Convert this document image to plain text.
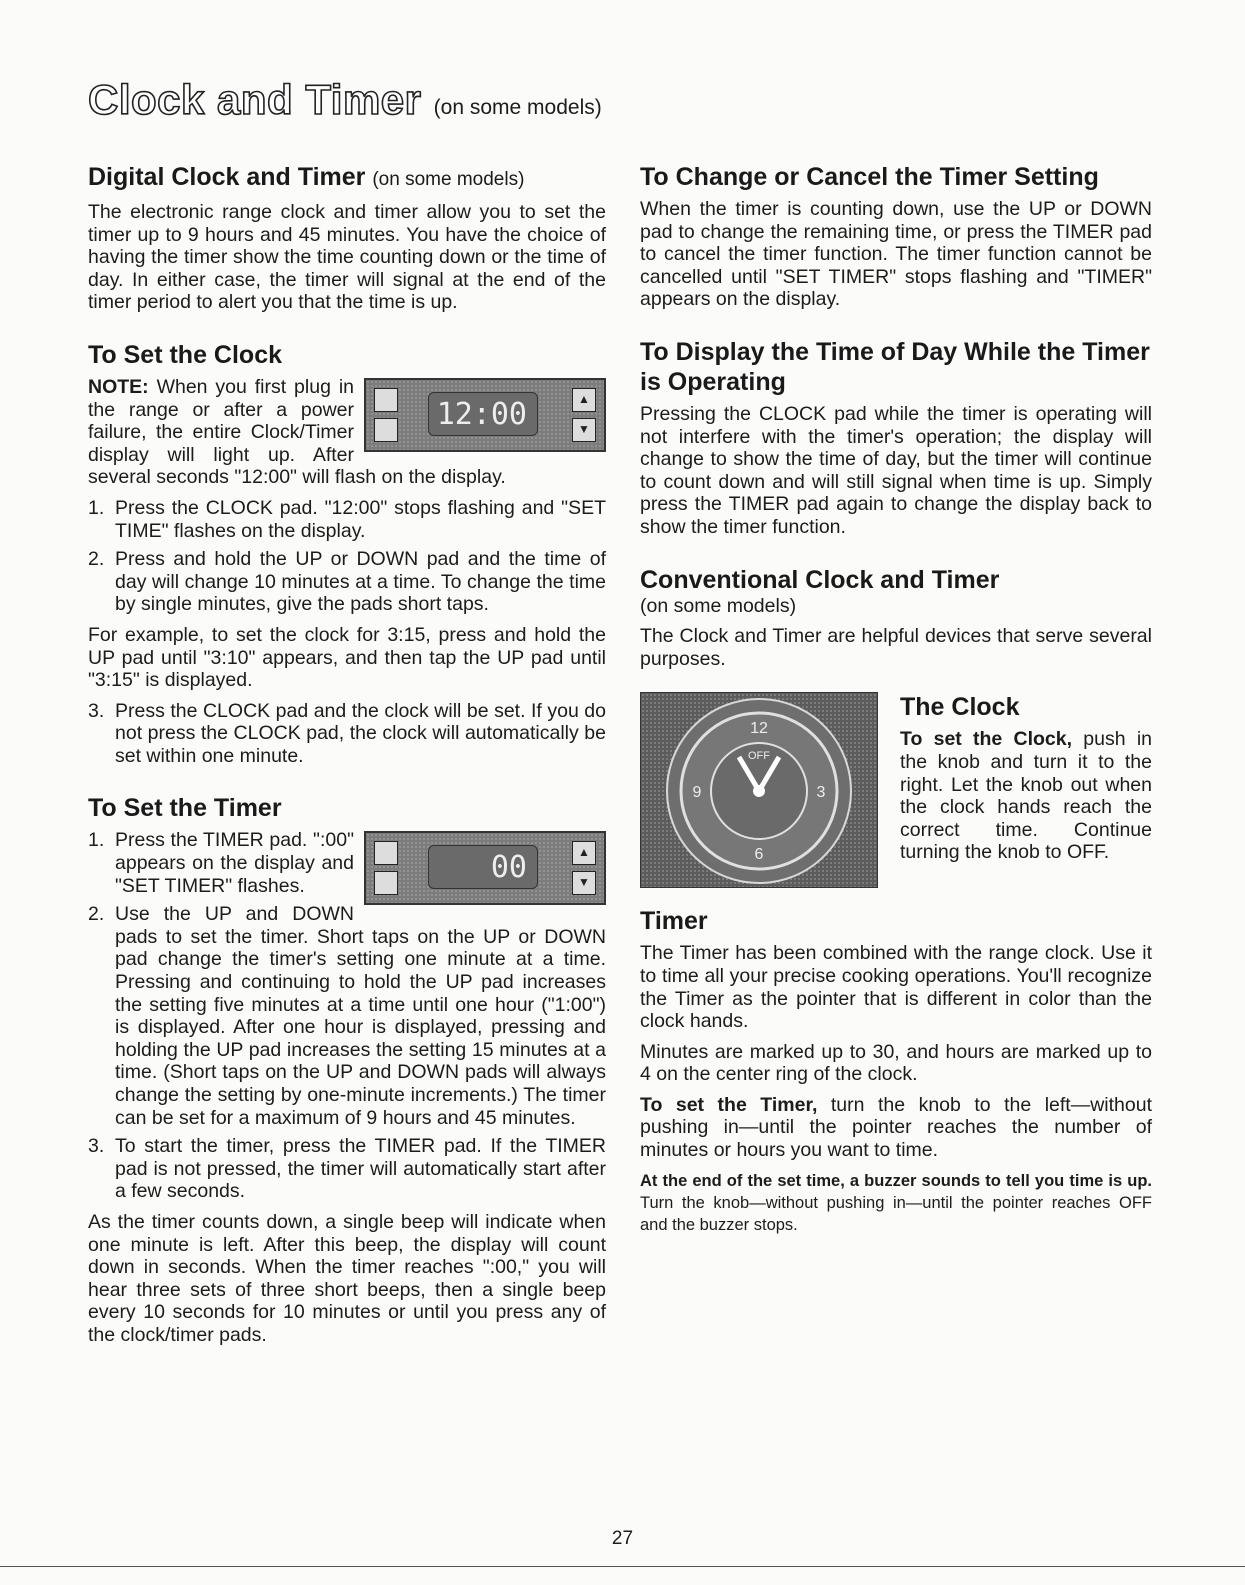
Clock and Timer (on some models)
Digital Clock and Timer (on some models)

The electronic range clock and timer allow you to set the timer up to 9 hours and 45 minutes. You have the choice of having the timer show the time counting down or the time of day. In either case, the timer will signal at the end of the timer period to alert you that the time is up.

To Set the Clock
12:00
▲
▼

NOTE: When you first plug in the range or after a power failure, the entire Clock/Timer display will light up. After several seconds "12:00" will flash on the display.

1. Press the CLOCK pad. "12:00" stops flashing and "SET TIME" flashes on the display.
2. Press and hold the UP or DOWN pad and the time of day will change 10 minutes at a time. To change the time by single minutes, give the pads short taps.

For example, to set the clock for 3:15, press and hold the UP pad until "3:10" appears, and then tap the UP pad until "3:15" is displayed.

3. Press the CLOCK pad and the clock will be set. If you do not press the CLOCK pad, the clock will automatically be set within one minute.
To Set the Timer
00
▲
▼
1. Press the TIMER pad. ":00" appears on the display and "SET TIMER" flashes.
2. Use the UP and DOWN pads to set the timer. Short taps on the UP or DOWN pad change the timer's setting one minute at a time. Pressing and continuing to hold the UP pad increases the setting five minutes at a time until one hour ("1:00") is displayed. After one hour is displayed, pressing and holding the UP pad increases the setting 15 minutes at a time. (Short taps on the UP and DOWN pads will always change the setting by one-minute increments.) The timer can be set for a maximum of 9 hours and 45 minutes.
3. To start the timer, press the TIMER pad. If the TIMER pad is not pressed, the timer will automatically start after a few seconds.

As the timer counts down, a single beep will indicate when one minute is left. After this beep, the display will count down in seconds. When the timer reaches ":00," you will hear three sets of three short beeps, then a single beep every 10 seconds for 10 minutes or until you press any of the clock/timer pads.

To Change or Cancel the Timer Setting

When the timer is counting down, use the UP or DOWN pad to change the remaining time, or press the TIMER pad to cancel the timer function. The timer function cannot be cancelled until "SET TIMER" stops flashing and "TIMER" appears on the display.

To Display the Time of Day While the Timer is Operating

Pressing the CLOCK pad while the timer is operating will not interfere with the timer's operation; the display will change to show the time of day, but the timer will continue to count down and will still signal when time is up. Simply press the TIMER pad again to change the display back to show the timer function.

Conventional Clock and Timer

(on some models)

The Clock and Timer are helpful devices that serve several purposes.

12
6
9	3
OFF
The Clock

To set the Clock, push in the knob and turn it to the right. Let the knob out when the clock hands reach the correct time. Continue turning the knob to OFF.

Timer

The Timer has been combined with the range clock. Use it to time all your precise cooking operations. You'll recognize the Timer as the pointer that is different in color than the clock hands.

Minutes are marked up to 30, and hours are marked up to 4 on the center ring of the clock.

To set the Timer, turn the knob to the left—without pushing in—until the pointer reaches the number of minutes or hours you want to time.

At the end of the set time, a buzzer sounds to tell you time is up. Turn the knob—without pushing in—until the pointer reaches OFF and the buzzer stops.

27
